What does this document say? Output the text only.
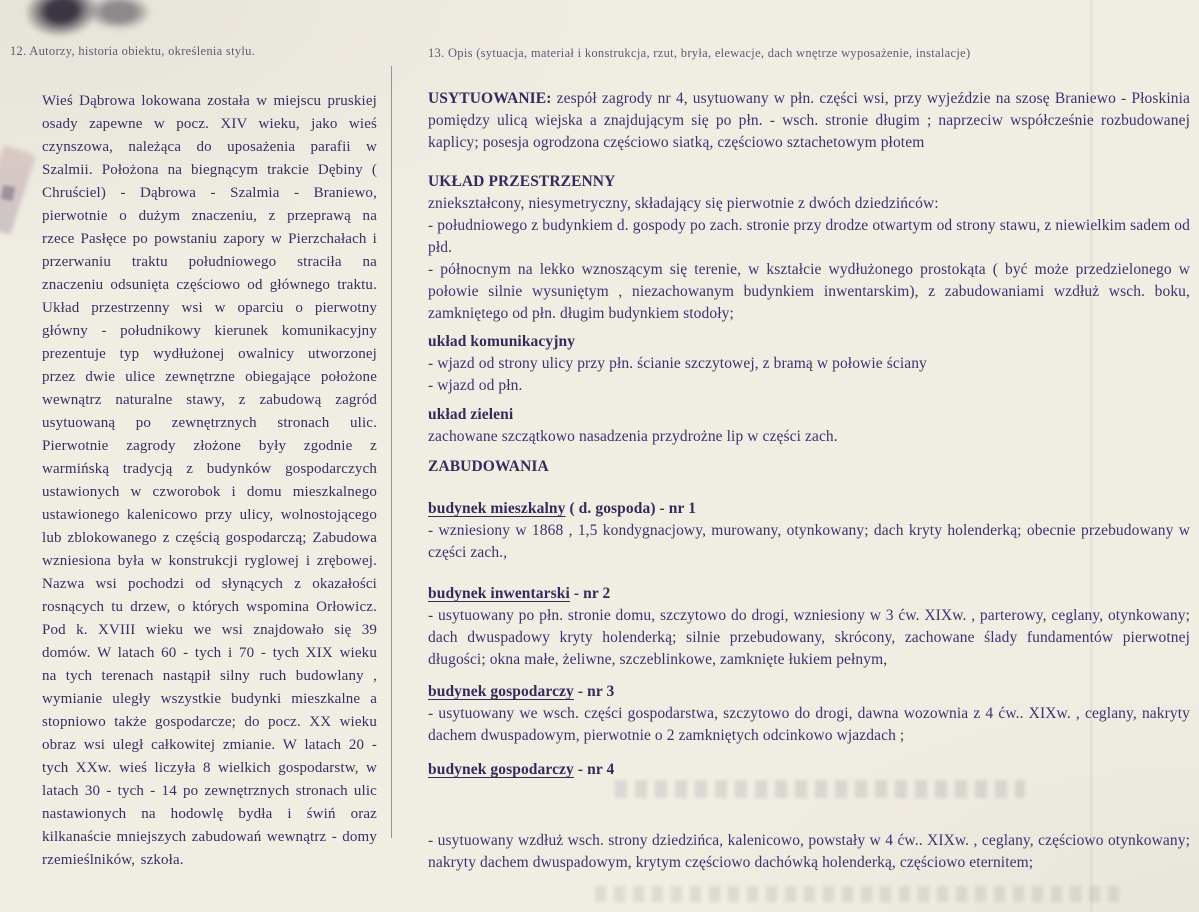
12. Autorzy, historia obiektu, określenia stylu.	13. Opis (sytuacja, materiał i konstrukcja, rzut, bryła, elewacje, dach wnętrze wyposażenie, instalacje)
Wieś Dąbrowa lokowana została w miejscu pruskiej osady zapewne w pocz. XIV wieku, jako wieś czynszowa, należąca do uposażenia parafii w Szalmii. Położona na biegnącym trakcie Dębiny ( Chruściel) - Dąbrowa - Szalmia - Braniewo, pierwotnie o dużym znaczeniu, z przeprawą na rzece Pasłęce po powstaniu zapory w Pierzchałach i przerwaniu traktu południowego straciła na znaczeniu odsunięta częściowo od głównego traktu. Układ przestrzenny wsi w oparciu o pierwotny główny - południkowy kierunek komunikacyjny prezentuje typ wydłużonej owalnicy utworzonej przez dwie ulice zewnętrzne obiegające położone wewnątrz naturalne stawy, z zabudową zagród usytuowaną po zewnętrznych stronach ulic. Pierwotnie zagrody złożone były zgodnie z warmińską tradycją z budynków gospodarczych ustawionych w czworobok i domu mieszkalnego ustawionego kalenicowo przy ulicy, wolnostojącego lub zblokowanego z częścią gospodarczą; Zabudowa wzniesiona była w konstrukcji ryglowej i zrębowej. Nazwa wsi pochodzi od słynących z okazałości rosnących tu drzew, o których wspomina Orłowicz. Pod k. XVIII wieku we wsi znajdowało się 39 domów. W latach 60 - tych i 70 - tych XIX wieku na tych terenach nastąpił silny ruch budowlany , wymianie uległy wszystkie budynki mieszkalne a stopniowo także gospodarcze; do pocz. XX wieku obraz wsi uległ całkowitej zmianie. W latach 20 - tych XXw. wieś liczyła 8 wielkich gospodarstw, w latach 30 - tych - 14 po zewnętrznych stronach ulic nastawionych na hodowlę bydła i świń oraz kilkanaście mniejszych zabudowań wewnątrz - domy rzemieślników, szkoła.

USYTUOWANIE: zespół zagrody nr 4, usytuowany w płn. części wsi, przy wyjeździe na szosę Braniewo - Płoskinia pomiędzy ulicą wiejska a znajdującym się po płn. - wsch. stronie długim ; naprzeciw współcześnie rozbudowanej kaplicy; posesja ogrodzona częściowo siatką, częściowo sztachetowym płotem

UKŁAD PRZESTRZENNY
zniekształcony, niesymetryczny, składający się pierwotnie z dwóch dziedzińców:
- południowego z budynkiem d. gospody po zach. stronie przy drodze otwartym od strony stawu, z niewielkim sadem od płd.
- północnym na lekko wznoszącym się terenie, w kształcie wydłużonego prostokąta ( być może przedzielonego w połowie silnie wysuniętym , niezachowanym budynkiem inwentarskim), z zabudowaniami wzdłuż wsch. boku, zamkniętego od płn. długim budynkiem stodoły;
układ komunikacyjny
- wjazd od strony ulicy przy płn. ścianie szczytowej, z bramą w połowie ściany
- wjazd od płn.
układ zieleni
zachowane szczątkowo nasadzenia przydrożne lip w części zach.
ZABUDOWANIA
budynek mieszkalny ( d. gospoda) - nr 1
- wzniesiony w 1868 , 1,5 kondygnacjowy, murowany, otynkowany; dach kryty holenderką; obecnie przebudowany w części zach.,
budynek inwentarski - nr 2
- usytuowany po płn. stronie domu, szczytowo do drogi, wzniesiony w 3 ćw. XIXw. , parterowy, ceglany, otynkowany; dach dwuspadowy kryty holenderką; silnie przebudowany, skrócony, zachowane ślady fundamentów pierwotnej długości; okna małe, żeliwne, szczeblinkowe, zamknięte łukiem pełnym,
budynek gospodarczy - nr 3
- usytuowany we wsch. części gospodarstwa, szczytowo do drogi, dawna wozownia z 4 ćw.. XIXw. , ceglany, nakryty dachem dwuspadowym, pierwotnie o 2 zamkniętych odcinkowo wjazdach ;
budynek gospodarczy - nr 4
- usytuowany wzdłuż wsch. strony dziedzińca, kalenicowo, powstały w 4 ćw.. XIXw. , ceglany, częściowo otynkowany; nakryty dachem dwuspadowym, krytym częściowo dachówką holenderką, częściowo eternitem;
